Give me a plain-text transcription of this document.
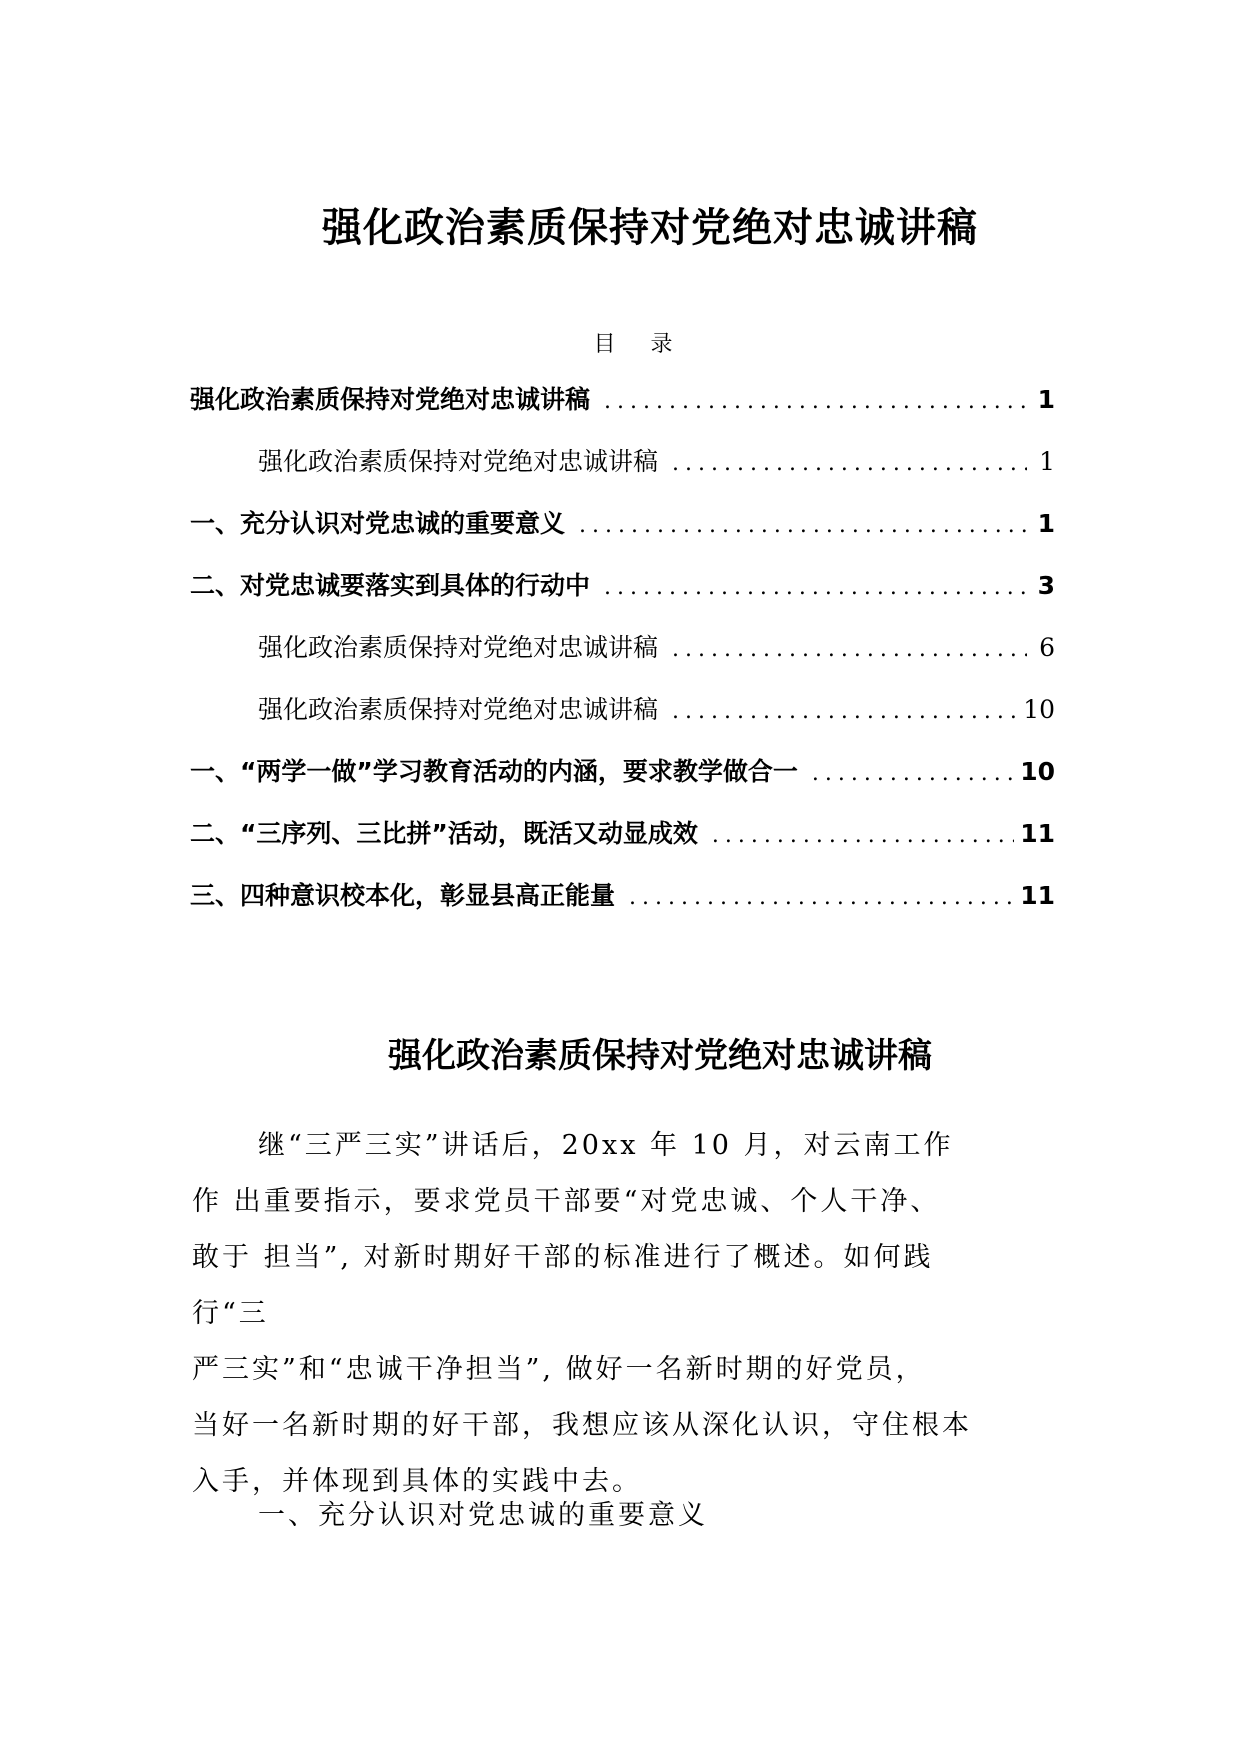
强化政治素质保持对党绝对忠诚讲稿
目 录
强化政治素质保持对党绝对忠诚讲稿 .....	1
强化政治素质保持对党绝对忠诚讲稿 .....	1
一、充分认识对党忠诚的重要意义 .....	1
二、对党忠诚要落实到具体的行动中 .....	3
强化政治素质保持对党绝对忠诚讲稿 .....	6
强化政治素质保持对党绝对忠诚讲稿 .....	10
一、“两学一做”学习教育活动的内涵，要求教学做合一 .....	10
二、“三序列、三比拼”活动，既活又动显成效 .....	11
三、四种意识校本化，彰显县高正能量 .....	11
强化政治素质保持对党绝对忠诚讲稿

继“三严三实”讲话后，20xx 年 10 月，对云南工作

作 出重要指示，要求党员干部要“对党忠诚、个人干净、

敢于 担当”, 对新时期好干部的标准进行了概述。如何践

行“三

严三实”和“忠诚干净担当”, 做好一名新时期的好党员，

当好一名新时期的好干部，我想应该从深化认识，守住根本

入手，并体现到具体的实践中去。

一、充分认识对党忠诚的重要意义
